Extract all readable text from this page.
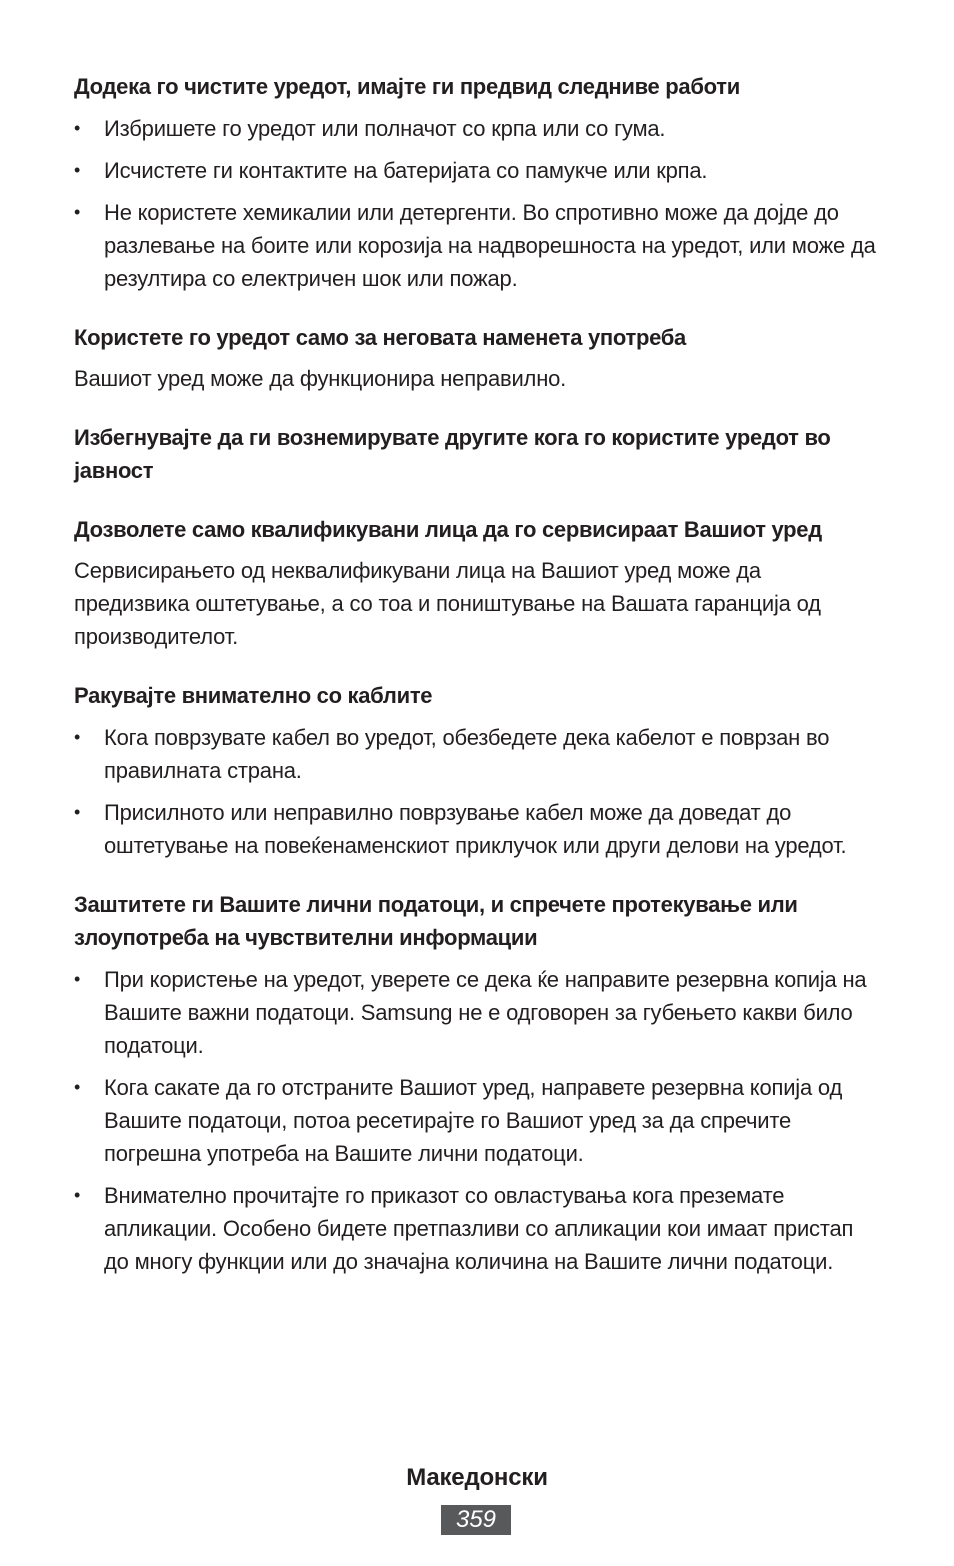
Додека го чистите уредот, имајте ги предвид следниве работи

• Избришете го уредот или полначот со крпа или со гума.
• Исчистете ги контактите на батеријата со памукче или крпа.
• Не користете хемикалии или детергенти. Во спротивно може да дојде до разлевање на боите или корозија на надворешноста на уредот, или може да резултира со електричен шок или пожар.

Користете го уредот само за неговата наменета употреба

Вашиот уред може да функционира неправилно.

Избегнувајте да ги вознемирувате другите кога го користите уредот во јавност

Дозволете само квалификувани лица да го сервисираат Вашиот уред

Сервисирањето од неквалификувани лица на Вашиот уред може да предизвика оштетување, а со тоа и поништување на Вашата гаранција од производителот.

Ракувајте внимателно со каблите

• Кога поврзувате кабел во уредот, обезбедете дека кабелот е поврзан во правилната страна.
• Присилното или неправилно поврзување кабел може да доведат до оштетување на повеќенаменскиот приклучок или други делови на уредот.

Заштитете ги Вашите лични податоци, и спречете протекување или злоупотреба на чувствителни информации

• При користење на уредот, уверете се дека ќе направите резервна копија на Вашите важни податоци. Samsung не е одговорен за губењето какви било податоци.
• Кога сакате да го отстраните Вашиот уред, направете резервна копија од Вашите податоци, потоа ресетирајте го Вашиот уред за да спречите погрешна употреба на Вашите лични податоци.
• Внимателно прочитајте го приказот со овластувања кога преземате апликации. Особено бидете претпазливи со апликации кои имаат пристап до многу функции или до значајна количина на Вашите лични податоци.
Македонски
359
